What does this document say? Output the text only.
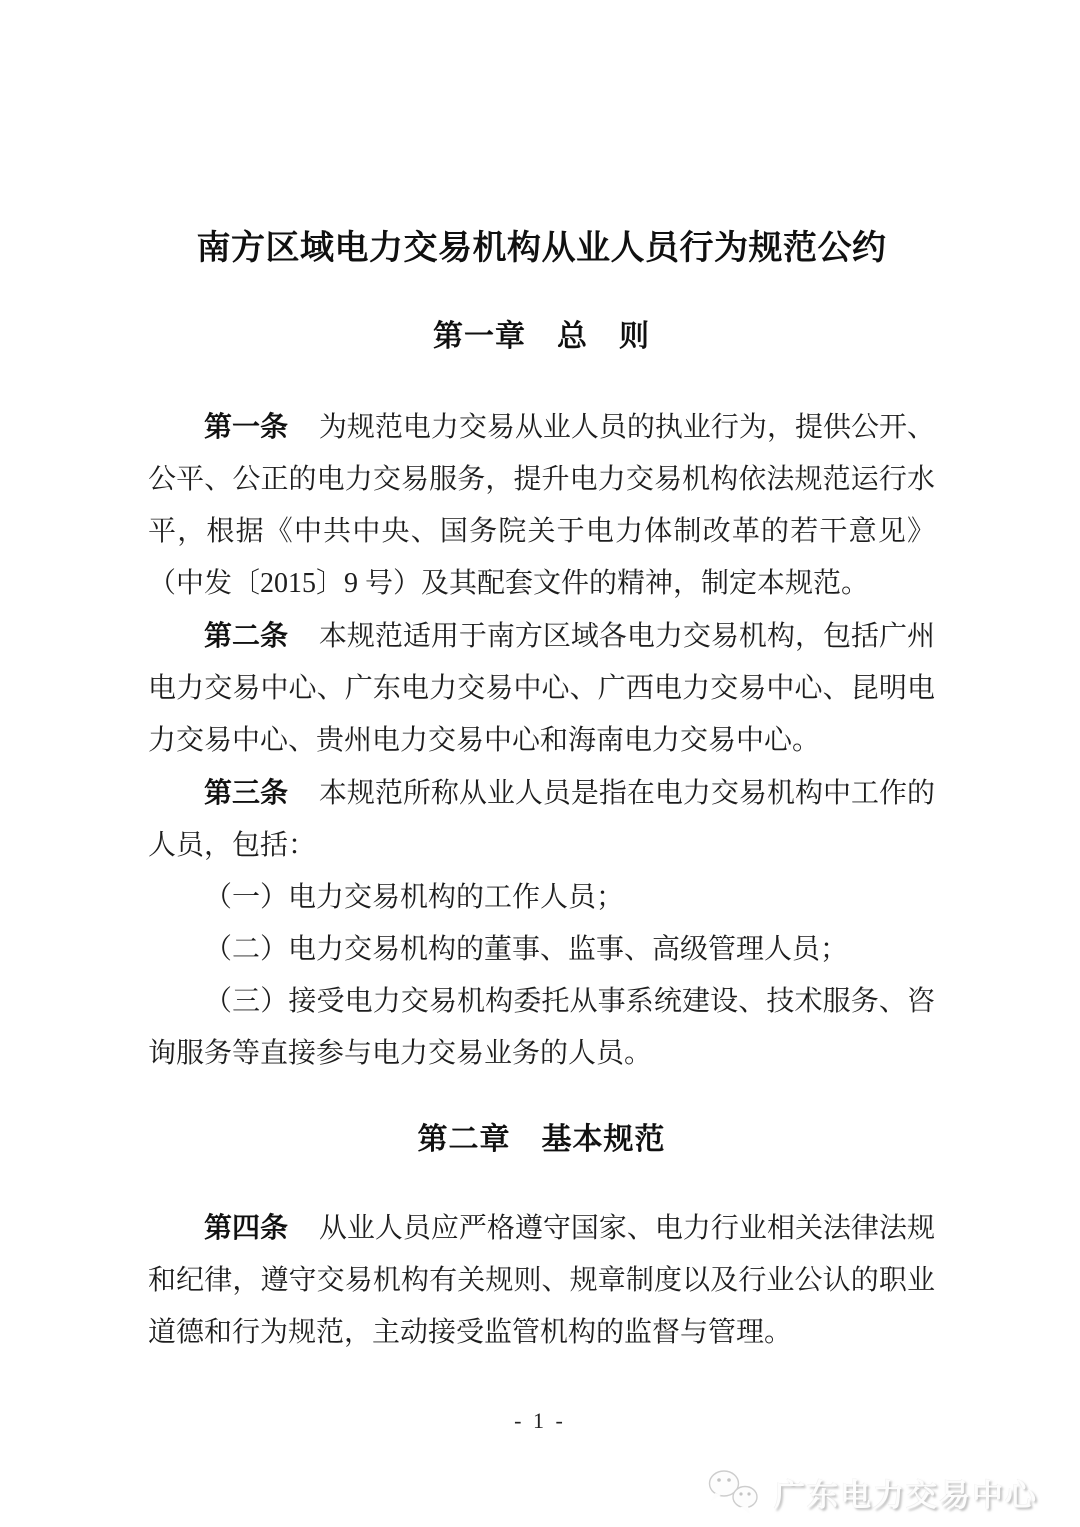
南方区域电力交易机构从业人员行为规范公约
第一章　总　则

第一条 为规范电力交易从业人员的执业行为，提供公开、公平、公正的电力交易服务，提升电力交易机构依法规范运行水平，根据《中共中央、国务院关于电力体制改革的若干意见》（中发〔2015〕9 号）及其配套文件的精神，制定本规范。

第二条 本规范适用于南方区域各电力交易机构，包括广州电力交易中心、广东电力交易中心、广西电力交易中心、昆明电力交易中心、贵州电力交易中心和海南电力交易中心。

第三条 本规范所称从业人员是指在电力交易机构中工作的人员，包括：

（一）电力交易机构的工作人员；

（二）电力交易机构的董事、监事、高级管理人员；

（三）接受电力交易机构委托从事系统建设、技术服务、咨询服务等直接参与电力交易业务的人员。

第二章　基本规范

第四条 从业人员应严格遵守国家、电力行业相关法律法规和纪律，遵守交易机构有关规则、规章制度以及行业公认的职业道德和行为规范，主动接受监管机构的监督与管理。

- 1 -
广东电力交易中心
